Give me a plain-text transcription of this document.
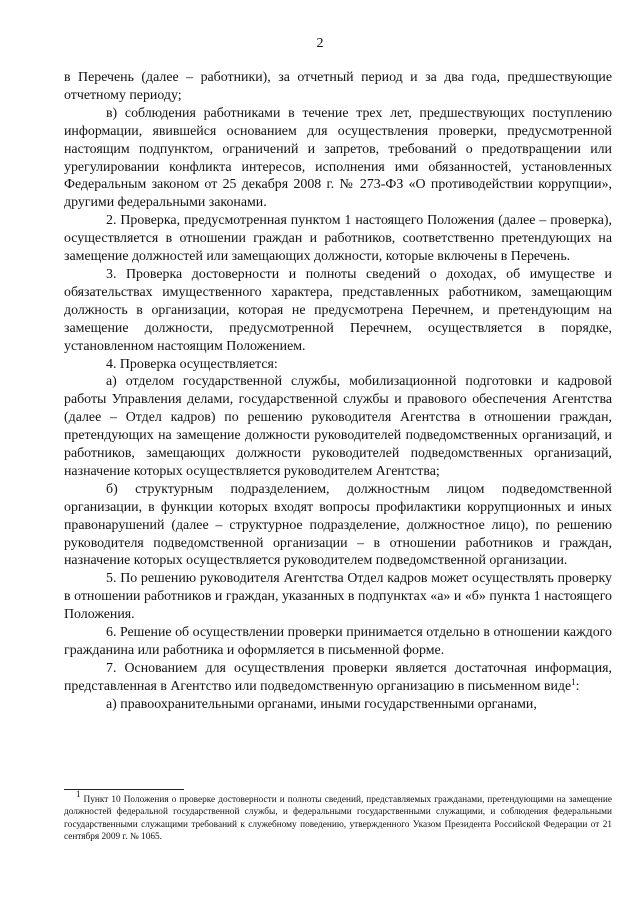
2

в Перечень (далее – работники), за отчетный период и за два года, предшествующие отчетному периоду;

в) соблюдения работниками в течение трех лет, предшествующих поступлению информации, явившейся основанием для осуществления проверки, предусмотренной настоящим подпунктом, ограничений и запретов, требований о предотвращении или урегулировании конфликта интересов, исполнения ими обязанностей, установленных Федеральным законом от 25 декабря 2008 г. № 273-ФЗ «О противодействии коррупции», другими федеральными законами.

2. Проверка, предусмотренная пунктом 1 настоящего Положения (далее – проверка), осуществляется в отношении граждан и работников, соответственно претендующих на замещение должностей или замещающих должности, которые включены в Перечень.

3. Проверка достоверности и полноты сведений о доходах, об имуществе и обязательствах имущественного характера, представленных работником, замещающим должность в организации, которая не предусмотрена Перечнем, и претендующим на замещение должности, предусмотренной Перечнем, осуществляется в порядке, установленном настоящим Положением.

4. Проверка осуществляется:

а) отделом государственной службы, мобилизационной подготовки и кадровой работы Управления делами, государственной службы и правового обеспечения Агентства (далее – Отдел кадров) по решению руководителя Агентства в отношении граждан, претендующих на замещение должности руководителей подведомственных организаций, и работников, замещающих должности руководителей подведомственных организаций, назначение которых осуществляется руководителем Агентства;

б) структурным подразделением, должностным лицом подведомственной организации, в функции которых входят вопросы профилактики коррупционных и иных правонарушений (далее – структурное подразделение, должностное лицо), по решению руководителя подведомственной организации – в отношении работников и граждан, назначение которых осуществляется руководителем подведомственной организации.

5. По решению руководителя Агентства Отдел кадров может осуществлять проверку в отношении работников и граждан, указанных в подпунктах «а» и «б» пункта 1 настоящего Положения.

6. Решение об осуществлении проверки принимается отдельно в отношении каждого гражданина или работника и оформляется в письменной форме.

7. Основанием для осуществления проверки является достаточная информация, представленная в Агентство или подведомственную организацию в письменном виде$^1$:

а) правоохранительными органами, иными государственными органами,

$^1$ Пункт 10 Положения о проверке достоверности и полноты сведений, представляемых гражданами, претендующими на замещение должностей федеральной государственной службы, и федеральными государственными служащими, и соблюдения федеральными государственными служащими требований к служебному поведению, утвержденного Указом Президента Российской Федерации от 21 сентября 2009 г. № 1065.
